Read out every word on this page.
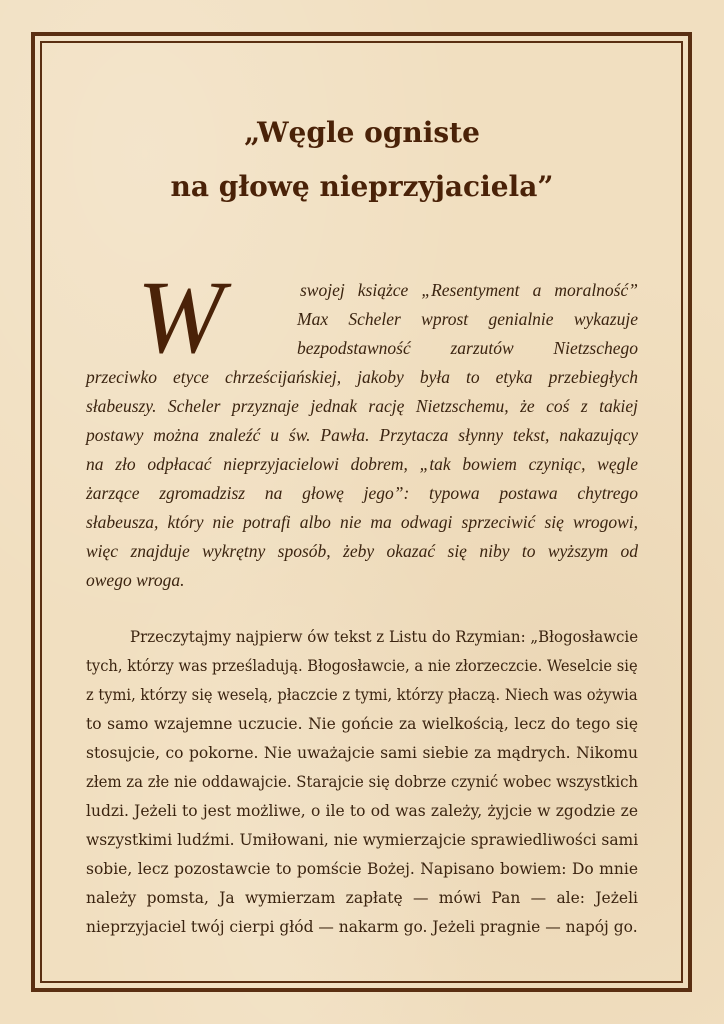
„Węgle ogniste
na głowę nieprzyjaciela”
W	swojej książce „Resentyment a moralność”
Max Scheler wprost genialnie wykazuje
bezpodstawność zarzutów Nietzschego
przeciwko etyce chrześcijańskiej, jakoby była to etyka przebiegłych
słabeuszy. Scheler przyznaje jednak rację Nietzschemu, że coś z takiej
postawy można znaleźć u św. Pawła. Przytacza słynny tekst, nakazujący
na zło odpłacać nieprzyjacielowi dobrem, „tak bowiem czyniąc, węgle
żarzące zgromadzisz na głowę jego”: typowa postawa chytrego
słabeusza, który nie potrafi albo nie ma odwagi sprzeciwić się wrogowi,
więc znajduje wykrętny sposób, żeby okazać się niby to wyższym od
owego wroga.
Przeczytajmy najpierw ów tekst z Listu do Rzymian: „Błogosławcie
tych, którzy was prześladują. Błogosławcie, a nie złorzeczcie. Weselcie się
z tymi, którzy się weselą, płaczcie z tymi, którzy płaczą. Niech was ożywia
to samo wzajemne uczucie. Nie gońcie za wielkością, lecz do tego się
stosujcie, co pokorne. Nie uważajcie sami siebie za mądrych. Nikomu
złem za złe nie oddawajcie. Starajcie się dobrze czynić wobec wszystkich
ludzi. Jeżeli to jest możliwe, o ile to od was zależy, żyjcie w zgodzie ze
wszystkimi ludźmi. Umiłowani, nie wymierzajcie sprawiedliwości sami
sobie, lecz pozostawcie to pomście Bożej. Napisano bowiem: Do mnie
należy pomsta, Ja wymierzam zapłatę — mówi Pan — ale: Jeżeli
nieprzyjaciel twój cierpi głód — nakarm go. Jeżeli pragnie — napój go.
